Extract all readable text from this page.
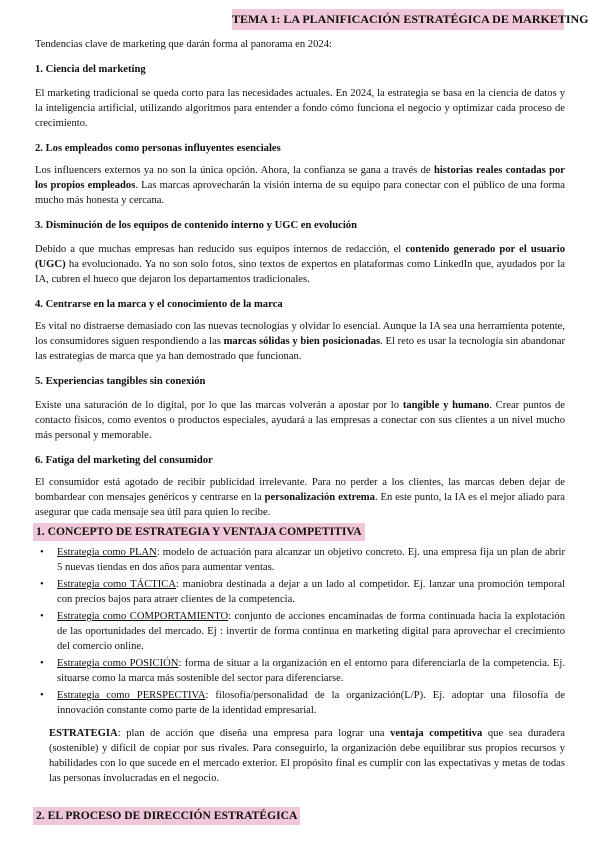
TEMA 1: LA PLANIFICACIÓN ESTRATÉGICA DE MARKETING

Tendencias clave de marketing que darán forma al panorama en 2024:

1. Ciencia del marketing

El marketing tradicional se queda corto para las necesidades actuales. En 2024, la estrategia se basa en la ciencia de datos y la inteligencia artificial, utilizando algoritmos para entender a fondo cómo funciona el negocio y optimizar cada proceso de crecimiento.

2. Los empleados como personas influyentes esenciales

Los influencers externos ya no son la única opción. Ahora, la confianza se gana a través de historias reales contadas por los propios empleados. Las marcas aprovecharán la visión interna de su equipo para conectar con el público de una forma mucho más honesta y cercana.

3. Disminución de los equipos de contenido interno y UGC en evolución

Debido a que muchas empresas han reducido sus equipos internos de redacción, el contenido generado por el usuario (UGC) ha evolucionado. Ya no son solo fotos, sino textos de expertos en plataformas como LinkedIn que, ayudados por la IA, cubren el hueco que dejaron los departamentos tradicionales.

4. Centrarse en la marca y el conocimiento de la marca

Es vital no distraerse demasiado con las nuevas tecnologías y olvidar lo esencial. Aunque la IA sea una herramienta potente, los consumidores siguen respondiendo a las marcas sólidas y bien posicionadas. El reto es usar la tecnología sin abandonar las estrategias de marca que ya han demostrado que funcionan.

5. Experiencias tangibles sin conexión

Existe una saturación de lo digital, por lo que las marcas volverán a apostar por lo tangible y humano. Crear puntos de contacto físicos, como eventos o productos especiales, ayudará a las empresas a conectar con sus clientes a un nivel mucho más personal y memorable.

6. Fatiga del marketing del consumidor

El consumidor está agotado de recibir publicidad irrelevante. Para no perder a los clientes, las marcas deben dejar de bombardear con mensajes genéricos y centrarse en la personalización extrema. En este punto, la IA es el mejor aliado para asegurar que cada mensaje sea útil para quien lo recibe.

1. CONCEPTO DE ESTRATEGIA Y VENTAJA COMPETITIVA
• Estrategia como PLAN: modelo de actuación para alcanzar un objetivo concreto. Ej. una empresa fija un plan de abrir 5 nuevas tiendas en dos años para aumentar ventas.
• Estrategia como TÁCTICA: maniobra destinada a dejar a un lado al competidor. Ej. lanzar una promoción temporal con precios bajos para atraer clientes de la competencia.
• Estrategia como COMPORTAMIENTO: conjunto de acciones encaminadas de forma continuada hacia la explotación de las oportunidades del mercado. Ej : invertir de forma continua en marketing digital para aprovechar el crecimiento del comercio online.
• Estrategia como POSICIÓN: forma de situar a la organización en el entorno para diferenciarla de la competencia. Ej. situarse como la marca más sostenible del sector para diferenciarse.
• Estrategia como PERSPECTIVA: filosofía/personalidad de la organización(L/P). Ej. adoptar una filosofía de innovación constante como parte de la identidad empresarial.

ESTRATEGIA: plan de acción que diseña una empresa para lograr una ventaja competitiva que sea duradera (sostenible) y difícil de copiar por sus rivales. Para conseguirlo, la organización debe equilibrar sus propios recursos y habilidades con lo que sucede en el mercado exterior. El propósito final es cumplir con las expectativas y metas de todas las personas involucradas en el negocio.

2. EL PROCESO DE DIRECCIÓN ESTRATÉGICA
